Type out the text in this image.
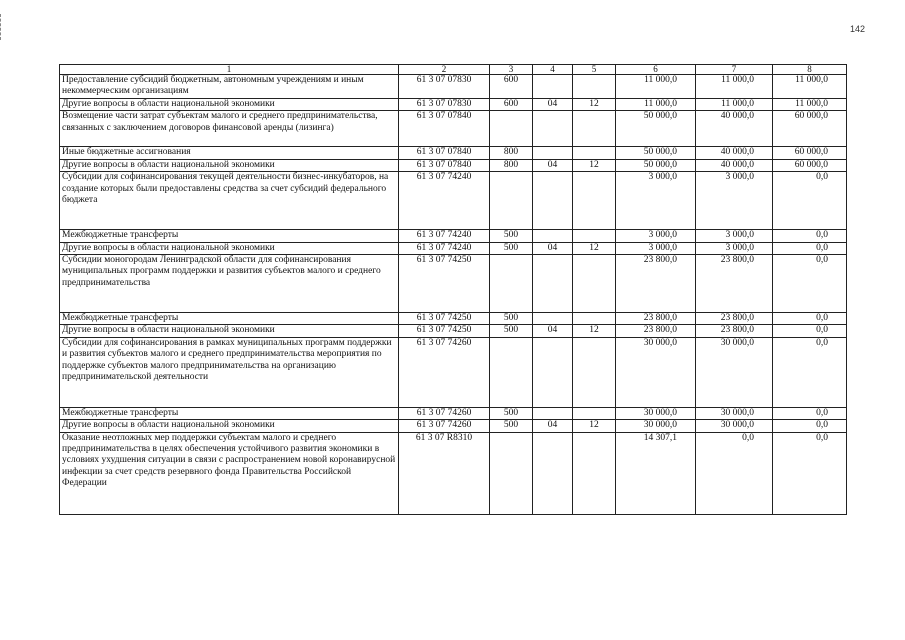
142
1	2	3	4	5	6	7	8
Предоставление субсидий бюджетным, автономным учреждениям и иным некоммерческим организациям	61 3 07 07830	600			11 000,0	11 000,0	11 000,0
Другие вопросы в области национальной экономики	61 3 07 07830	600	04	12	11 000,0	11 000,0	11 000,0
Возмещение части затрат субъектам малого и среднего предпринимательства, связанных с заключением договоров финансовой аренды (лизинга)	61 3 07 07840				50 000,0	40 000,0	60 000,0
Иные бюджетные ассигнования	61 3 07 07840	800			50 000,0	40 000,0	60 000,0
Другие вопросы в области национальной экономики	61 3 07 07840	800	04	12	50 000,0	40 000,0	60 000,0
Субсидии для софинансирования текущей деятельности бизнес-инкубаторов, на создание которых были предоставлены средства за счет субсидий федерального бюджета	61 3 07 74240				3 000,0	3 000,0	0,0
Межбюджетные трансферты	61 3 07 74240	500			3 000,0	3 000,0	0,0
Другие вопросы в области национальной экономики	61 3 07 74240	500	04	12	3 000,0	3 000,0	0,0
Субсидии моногородам Ленинградской области для софинансирования муниципальных программ поддержки и развития субъектов малого и среднего предпринимательства	61 3 07 74250				23 800,0	23 800,0	0,0
Межбюджетные трансферты	61 3 07 74250	500			23 800,0	23 800,0	0,0
Другие вопросы в области национальной экономики	61 3 07 74250	500	04	12	23 800,0	23 800,0	0,0
Субсидии для софинансирования в рамках муниципальных программ поддержки и развития субъектов малого и среднего предпринимательства мероприятия по поддержке субъектов малого предпринимательства на организацию предпринимательской деятельности	61 3 07 74260				30 000,0	30 000,0	0,0
Межбюджетные трансферты	61 3 07 74260	500			30 000,0	30 000,0	0,0
Другие вопросы в области национальной экономики	61 3 07 74260	500	04	12	30 000,0	30 000,0	0,0
Оказание неотложных мер поддержки субъектам малого и среднего предпринимательства в целях обеспечения устойчивого развития экономики в условиях ухудшения ситуации в связи с распространением новой коронавирусной инфекции за счет средств резервного фонда Правительства Российской Федерации	61 3 07 R8310				14 307,1	0,0	0,0
